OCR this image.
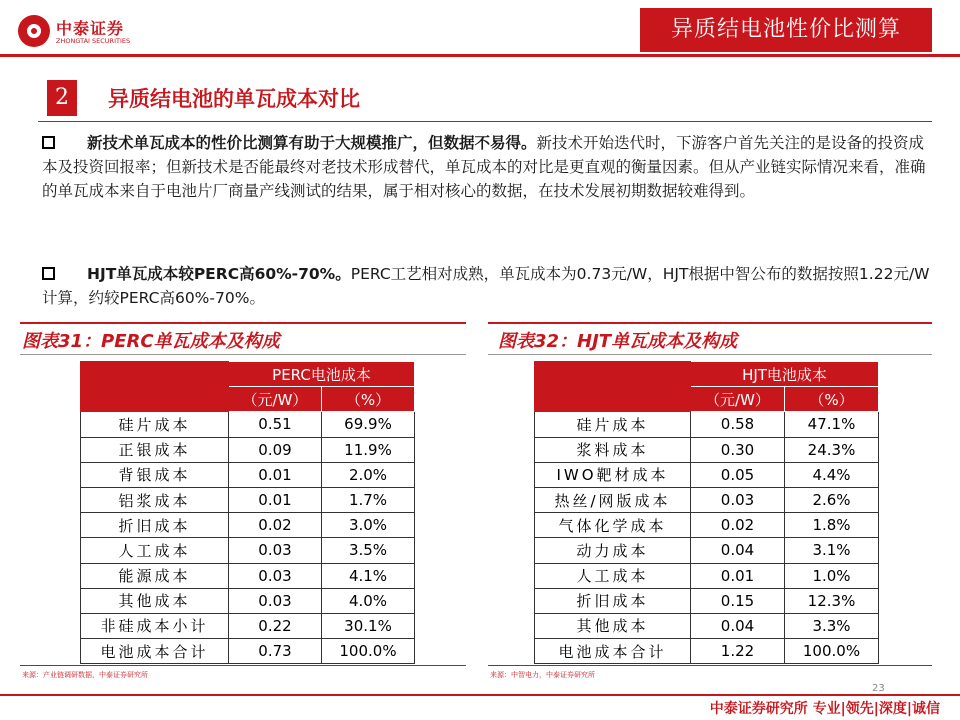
中泰证券
ZHONGTAI SECURITIES	异质结电池性价比测算
2	异质结电池的单瓦成本对比
新技术单瓦成本的性价比测算有助于大规模推广，但数据不易得。新技术开始迭代时，下游客户首先关注的是设备的投资成本及投资回报率；但新技术是否能最终对老技术形成替代，单瓦成本的对比是更直观的衡量因素。但从产业链实际情况来看，准确的单瓦成本来自于电池片厂商量产线测试的结果，属于相对核心的数据，在技术发展初期数据较难得到。
HJT单瓦成本较PERC高60%-70%。PERC工艺相对成熟，单瓦成本为0.73元/W，HJT根据中智公布的数据按照1.22元/W计算，约较PERC高60%-70%。
图表31：PERC单瓦成本及构成
	PERC电池成本	
	（元/W）	（%）
硅片成本	0.51	69.9%
正银成本	0.09	11.9%
背银成本	0.01	2.0%
铝浆成本	0.01	1.7%
折旧成本	0.02	3.0%
人工成本	0.03	3.5%
能源成本	0.03	4.1%
其他成本	0.03	4.0%
非硅成本小计	0.22	30.1%
电池成本合计	0.73	100.0%
来源：产业链调研数据，中泰证券研究所
图表32：HJT单瓦成本及构成
	HJT电池成本	
	（元/W）	（%）
硅片成本	0.58	47.1%
浆料成本	0.30	24.3%
IWO靶材成本	0.05	4.4%
热丝/网版成本	0.03	2.6%
气体化学成本	0.02	1.8%
动力成本	0.04	3.1%
人工成本	0.01	1.0%
折旧成本	0.15	12.3%
其他成本	0.04	3.3%
电池成本合计	1.22	100.0%
来源：中智电力，中泰证券研究所
23
中泰证券研究所 专业|领先|深度|诚信
